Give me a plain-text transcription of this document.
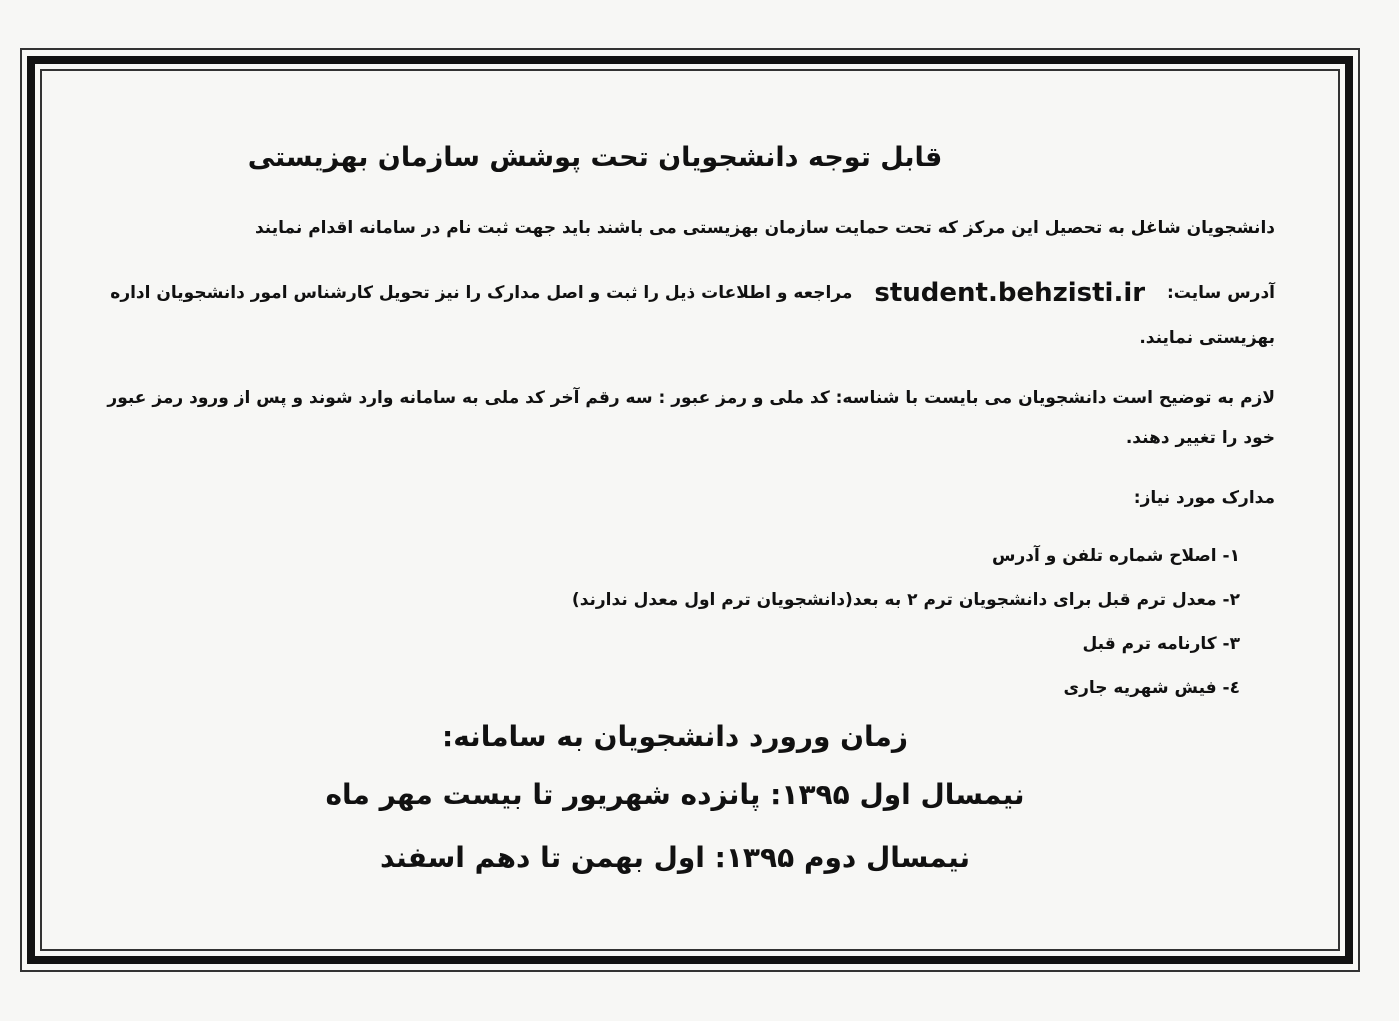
قابل توجه دانشجویان تحت پوشش سازمان بهزیستی
دانشجویان شاغل به تحصیل این مرکز که تحت حمایت سازمان بهزیستی می باشند باید جهت ثبت نام در سامانه اقدام نمایند
آدرس سایت: student.behzisti.ir مراجعه و اطلاعات ذیل را ثبت و اصل مدارک را نیز تحویل کارشناس امور دانشجویان اداره
بهزیستی نمایند.
لازم به توضیح است دانشجویان می بایست با شناسه: کد ملی و رمز عبور : سه رقم آخر کد ملی به سامانه وارد شوند و پس از ورود رمز عبور
خود را تغییر دهند.
مدارک مورد نیاز:
۱- اصلاح شماره تلفن و آدرس
۲- معدل ترم قبل برای دانشجویان ترم ۲ به بعد(دانشجویان ترم اول معدل ندارند)
۳- کارنامه ترم قبل
٤- فیش شهریه جاری
زمان ورورد دانشجویان به سامانه:
نیمسال اول ۱۳۹۵: پانزده شهریور تا بیست مهر ماه
نیمسال دوم ۱۳۹۵: اول بهمن تا دهم اسفند
